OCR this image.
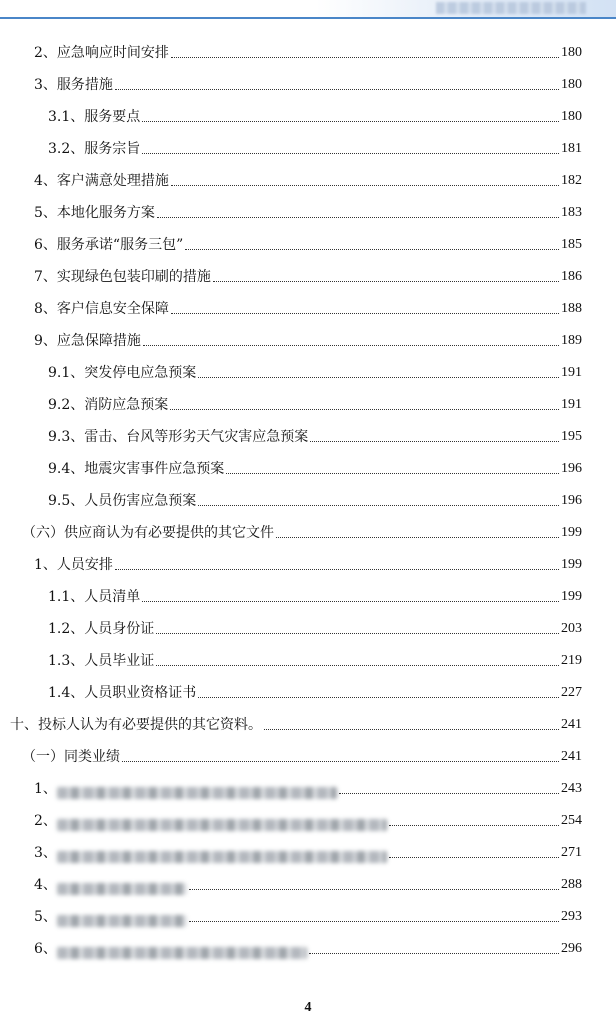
2、应急响应时间安排	180
3、服务措施	180
3.1、服务要点	180
3.2、服务宗旨	181
4、客户满意处理措施	182
5、本地化服务方案	183
6、服务承诺“服务三包”	185
7、实现绿色包装印刷的措施	186
8、客户信息安全保障	188
9、应急保障措施	189
9.1、突发停电应急预案	191
9.2、消防应急预案	191
9.3、雷击、台风等形劣天气灾害应急预案	195
9.4、地震灾害事件应急预案	196
9.5、人员伤害应急预案	196
（六）供应商认为有必要提供的其它文件	199
1、人员安排	199
1.1、人员清单	199
1.2、人员身份证	203
1.3、人员毕业证	219
1.4、人员职业资格证书	227
十、投标人认为有必要提供的其它资料。	241
（一）同类业绩	241
1、	243
2、	254
3、	271
4、	288
5、	293
6、	296
4
